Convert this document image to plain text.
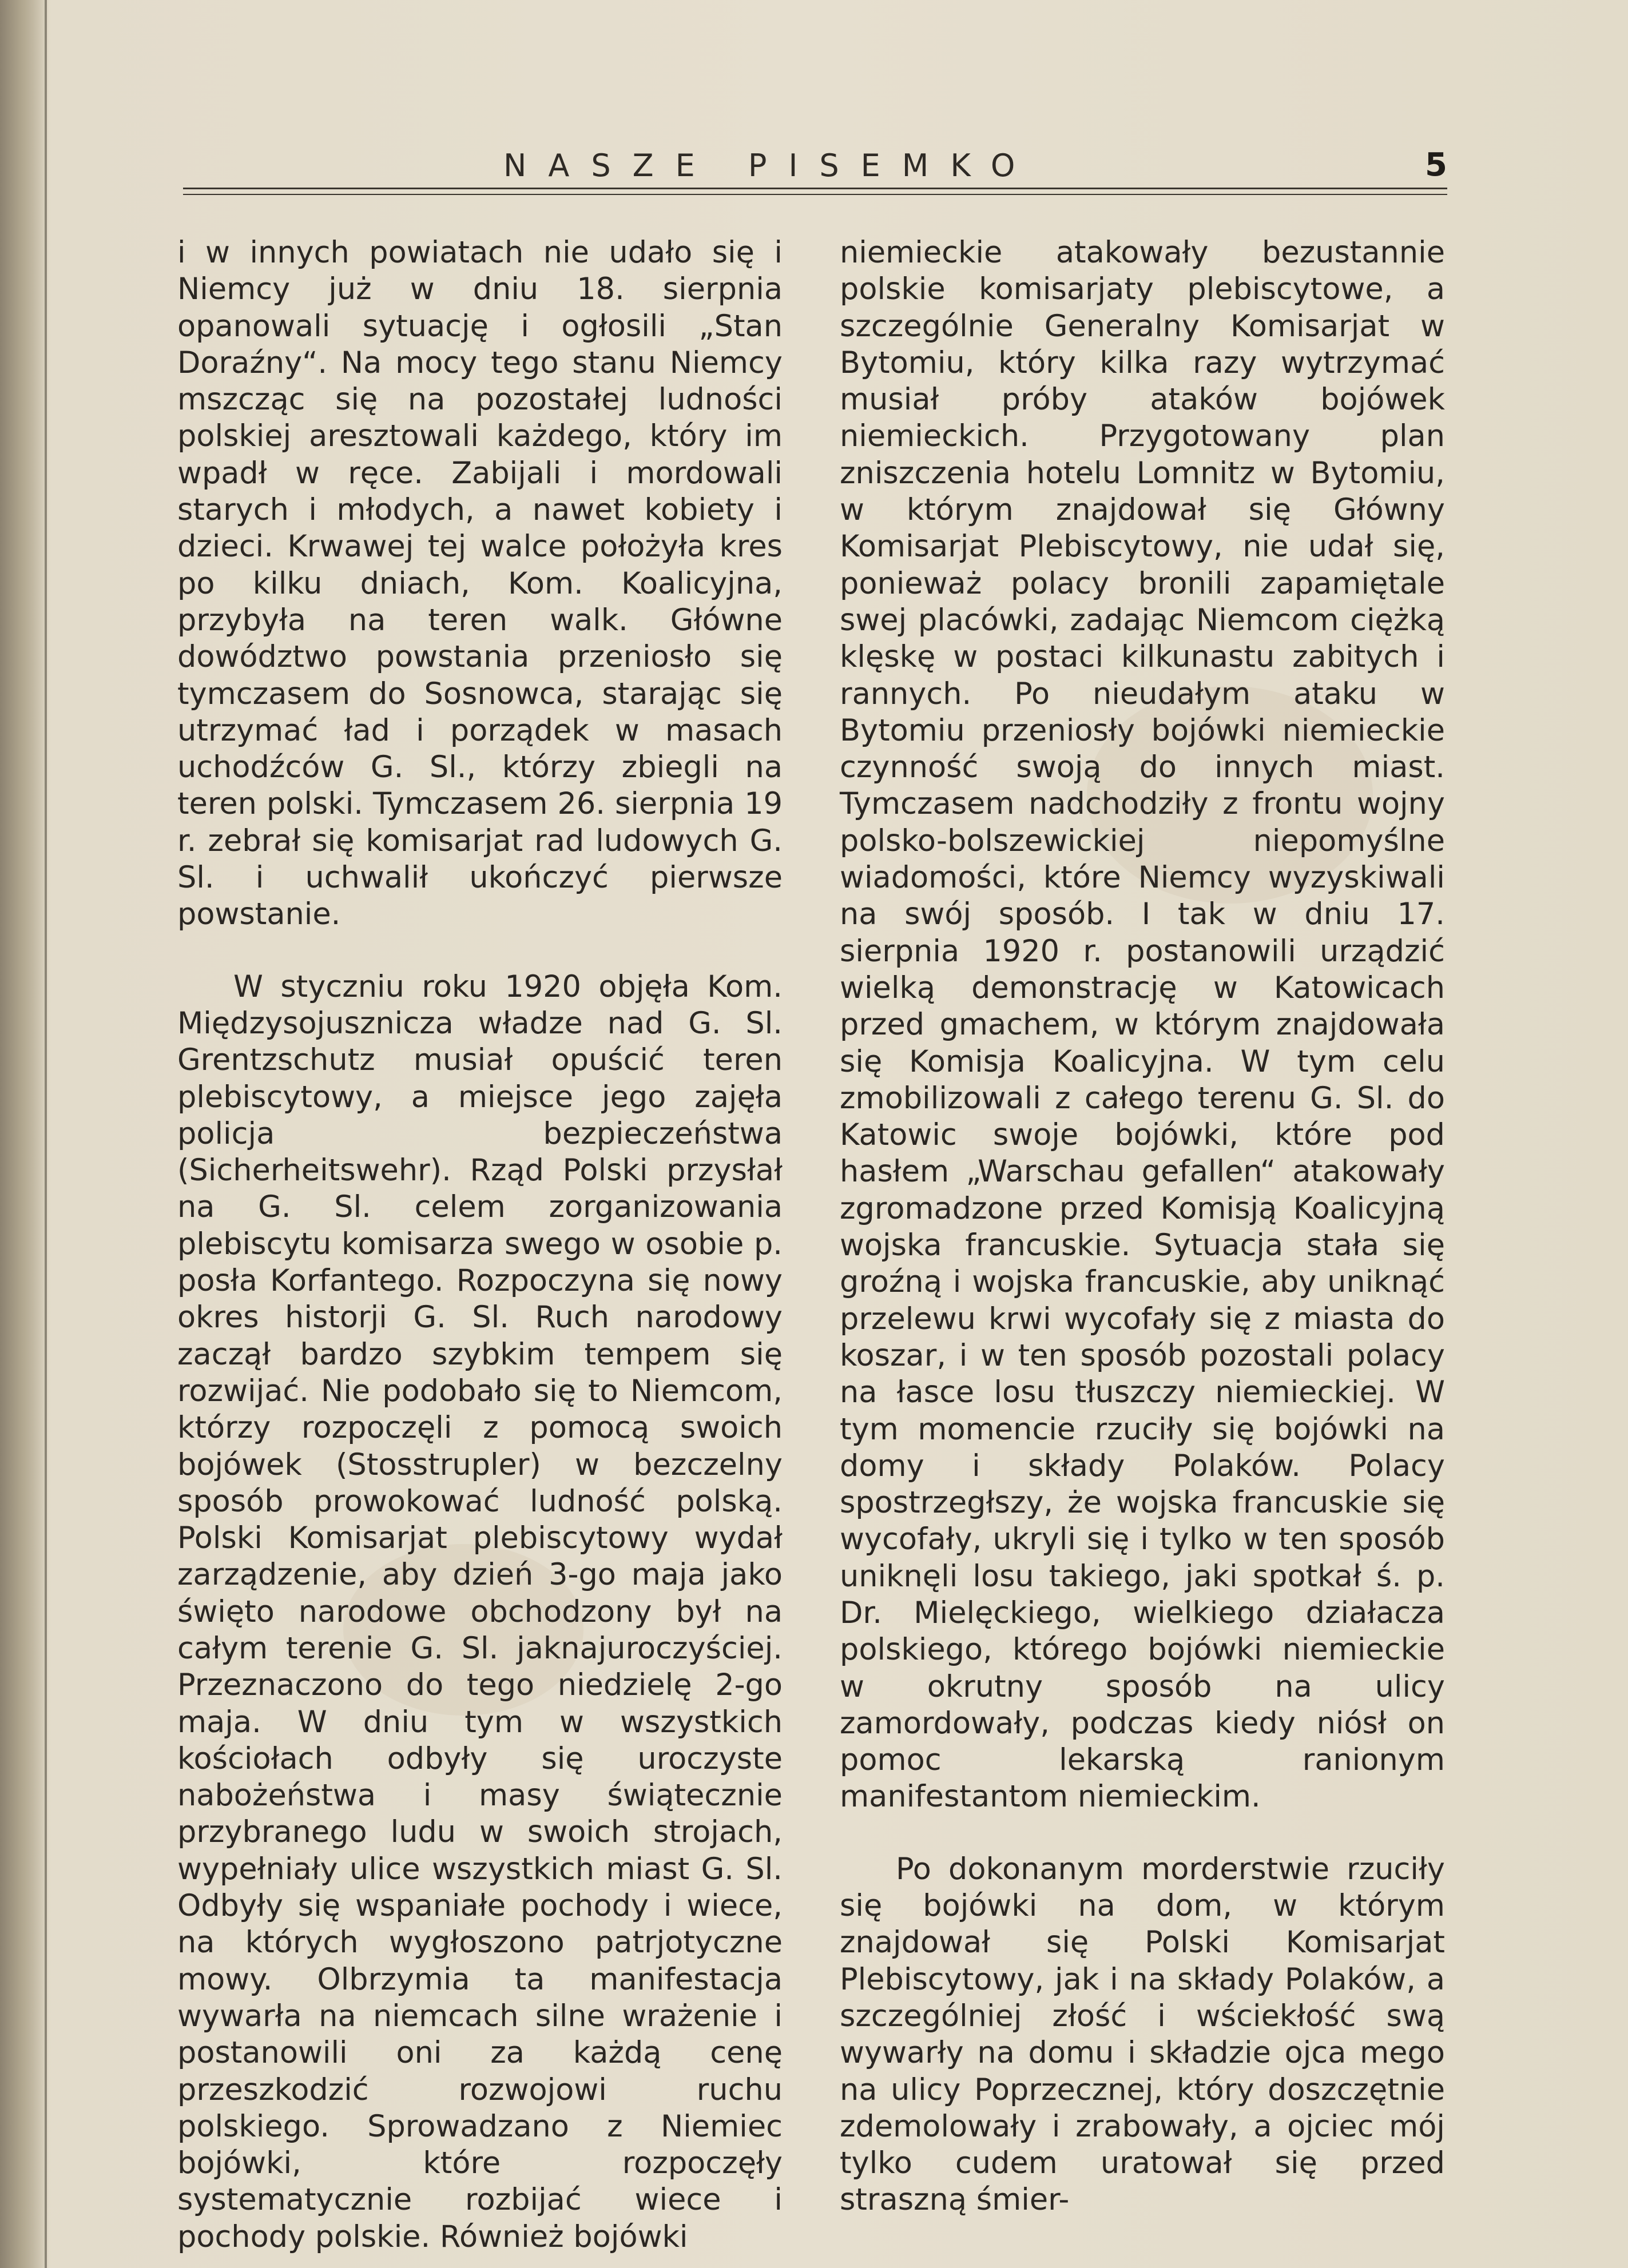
NASZE PISEMKO	5

i w innych powiatach nie udało się i Niemcy już w dniu 18. sierpnia opanowali sytuację i ogłosili „Stan Doraźny“. Na mocy tego stanu Niemcy mszcząc się na pozostałej ludności polskiej aresztowali każdego, który im wpadł w ręce. Zabijali i mordowali starych i młodych, a nawet kobiety i dzieci. Krwawej tej walce położyła kres po kilku dniach, Kom. Koalicyjna, przybyła na teren walk. Główne dowództwo powstania przeniosło się tymczasem do Sosnowca, starając się utrzymać ład i porządek w masach uchodźców G. Sl., którzy zbiegli na teren polski. Tymczasem 26. sierpnia 19 r. zebrał się komisarjat rad ludowych G. Sl. i uchwalił ukończyć pierwsze powstanie.

W styczniu roku 1920 objęła Kom. Międzysojusznicza władze nad G. Sl. Grentzschutz musiał opuścić teren plebiscytowy, a miejsce jego zajęła policja bezpieczeństwa (Sicherheitswehr). Rząd Polski przysłał na G. Sl. celem zorganizowania plebiscytu komisarza swego w osobie p. posła Korfantego. Rozpoczyna się nowy okres historji G. Sl. Ruch narodowy zaczął bardzo szybkim tempem się rozwijać. Nie podobało się to Niemcom, którzy rozpoczęli z pomocą swoich bojówek (Stosstrupler) w bezczelny sposób prowokować ludność polską. Polski Komisarjat plebiscytowy wydał zarządzenie, aby dzień 3-go maja jako święto narodowe obchodzony był na całym terenie G. Sl. jaknajuroczyściej. Przeznaczono do tego niedzielę 2-go maja. W dniu tym w wszystkich kościołach odbyły się uroczyste nabożeństwa i masy świątecznie przybranego ludu w swoich strojach, wypełniały ulice wszystkich miast G. Sl. Odbyły się wspaniałe pochody i wiece, na których wygłoszono patrjotyczne mowy. Olbrzymia ta manifestacja wywarła na niemcach silne wrażenie i postanowili oni za każdą cenę przeszkodzić rozwojowi ruchu polskiego. Sprowadzano z Niemiec bojówki, które rozpoczęły systematycznie rozbijać wiece i pochody polskie. Również bojówki

niemieckie atakowały bezustannie polskie komisarjaty plebiscytowe, a szczególnie Generalny Komisarjat w Bytomiu, który kilka razy wytrzymać musiał próby ataków bojówek niemieckich. Przygotowany plan zniszczenia hotelu Lomnitz w Bytomiu, w którym znajdował się Główny Komisarjat Plebiscytowy, nie udał się, ponieważ polacy bronili zapamiętale swej placówki, zadając Niemcom ciężką klęskę w postaci kilkunastu zabitych i rannych. Po nieudałym ataku w Bytomiu przeniosły bojówki niemieckie czynność swoją do innych miast. Tymczasem nadchodziły z frontu wojny polsko-bolszewickiej niepomyślne wiadomości, które Niemcy wyzyskiwali na swój sposób. I tak w dniu 17. sierpnia 1920 r. postanowili urządzić wielką demonstrację w Katowicach przed gmachem, w którym znajdowała się Komisja Koalicyjna. W tym celu zmobilizowali z całego terenu G. Sl. do Katowic swoje bojówki, które pod hasłem „Warschau gefallen“ atakowały zgromadzone przed Komisją Koalicyjną wojska francuskie. Sytuacja stała się groźną i wojska francuskie, aby uniknąć przelewu krwi wycofały się z miasta do koszar, i w ten sposób pozostali polacy na łasce losu tłuszczy niemieckiej. W tym momencie rzuciły się bojówki na domy i składy Polaków. Polacy spostrzegłszy, że wojska francuskie się wycofały, ukryli się i tylko w ten sposób uniknęli losu takiego, jaki spotkał ś. p. Dr. Mielęckiego, wielkiego działacza polskiego, którego bojówki niemieckie w okrutny sposób na ulicy zamordowały, podczas kiedy niósł on pomoc lekarską ranionym manifestantom niemieckim.

Po dokonanym morderstwie rzuciły się bojówki na dom, w którym znajdował się Polski Komisarjat Plebiscytowy, jak i na składy Polaków, a szczególniej złość i wściekłość swą wywarły na domu i składzie ojca mego na ulicy Poprzecznej, który doszczętnie zdemolowały i zrabowały, a ojciec mój tylko cudem uratował się przed straszną śmier-
